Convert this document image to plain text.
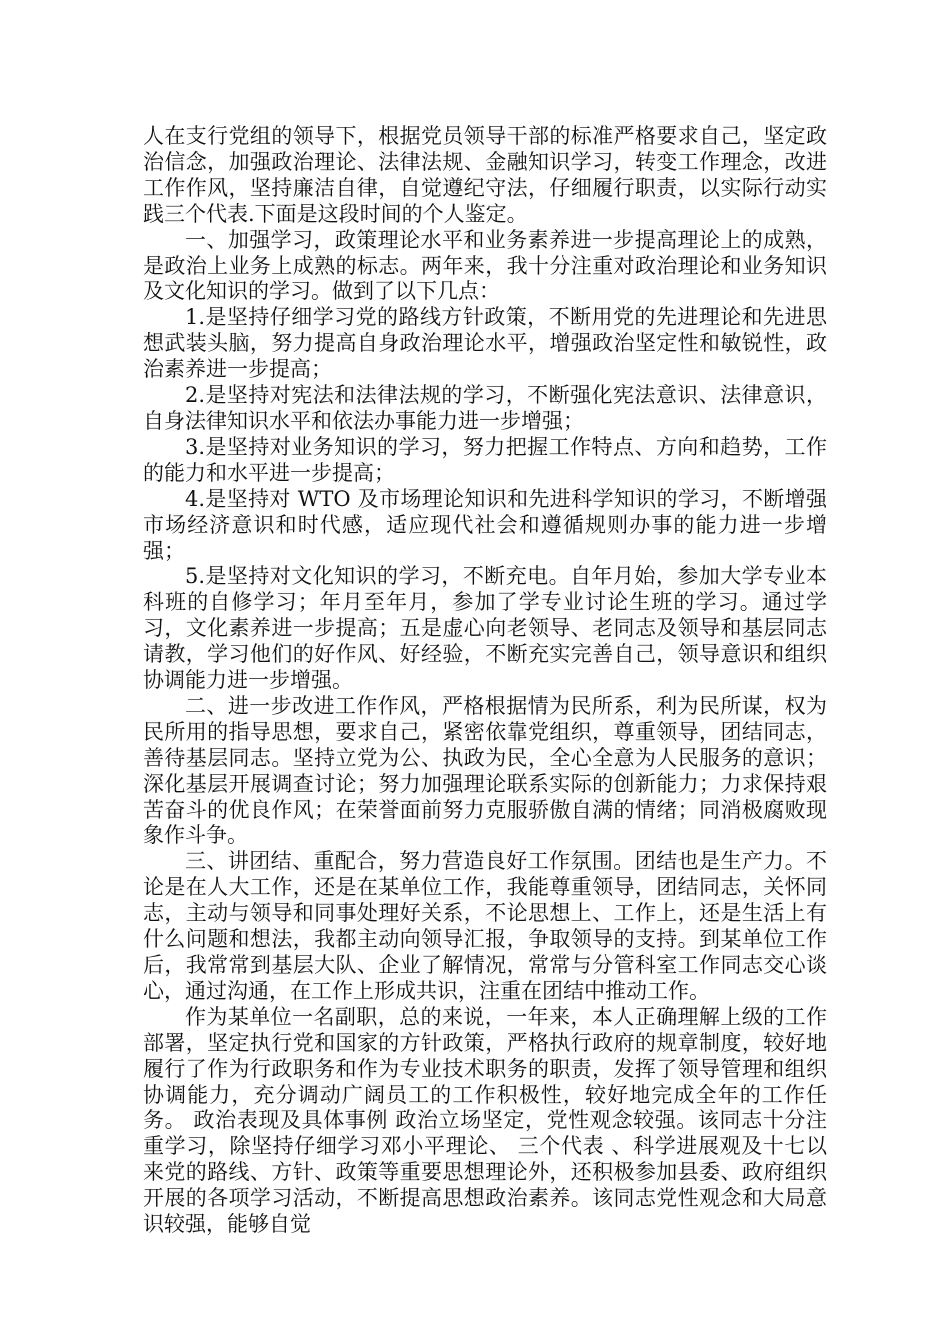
人在支行党组的领导下，根据党员领导干部的标准严格要求自己，坚定政治信念，加强政治理论、法律法规、金融知识学习，转变工作理念，改进工作作风，坚持廉洁自律，自觉遵纪守法，仔细履行职责，以实际行动实践三个代表.下面是这段时间的个人鉴定。

一、加强学习，政策理论水平和业务素养进一步提高理论上的成熟，是政治上业务上成熟的标志。两年来，我十分注重对政治理论和业务知识及文化知识的学习。做到了以下几点：

1.是坚持仔细学习党的路线方针政策，不断用党的先进理论和先进思想武装头脑，努力提高自身政治理论水平，增强政治坚定性和敏锐性，政治素养进一步提高；

2.是坚持对宪法和法律法规的学习，不断强化宪法意识、法律意识，自身法律知识水平和依法办事能力进一步增强；

3.是坚持对业务知识的学习，努力把握工作特点、方向和趋势，工作的能力和水平进一步提高；

4.是坚持对 WTO 及市场理论知识和先进科学知识的学习，不断增强市场经济意识和时代感，适应现代社会和遵循规则办事的能力进一步增强；

5.是坚持对文化知识的学习，不断充电。自年月始，参加大学专业本科班的自修学习；年月至年月，参加了学专业讨论生班的学习。通过学习，文化素养进一步提高；五是虚心向老领导、老同志及领导和基层同志请教，学习他们的好作风、好经验，不断充实完善自己，领导意识和组织协调能力进一步增强。

二、进一步改进工作作风，严格根据情为民所系，利为民所谋，权为民所用的指导思想，要求自己，紧密依靠党组织，尊重领导，团结同志，善待基层同志。坚持立党为公、执政为民，全心全意为人民服务的意识；深化基层开展调查讨论；努力加强理论联系实际的创新能力；力求保持艰苦奋斗的优良作风；在荣誉面前努力克服骄傲自满的情绪；同消极腐败现象作斗争。

三、讲团结、重配合，努力营造良好工作氛围。团结也是生产力。不论是在人大工作，还是在某单位工作，我能尊重领导，团结同志，关怀同志，主动与领导和同事处理好关系，不论思想上、工作上，还是生活上有什么问题和想法，我都主动向领导汇报，争取领导的支持。到某单位工作后，我常常到基层大队、企业了解情况，常常与分管科室工作同志交心谈心，通过沟通，在工作上形成共识，注重在团结中推动工作。

作为某单位一名副职，总的来说，一年来，本人正确理解上级的工作部署，坚定执行党和国家的方针政策，严格执行政府的规章制度，较好地履行了作为行政职务和作为专业技术职务的职责，发挥了领导管理和组织协调能力，充分调动广阔员工的工作积极性，较好地完成全年的工作任务。 政治表现及具体事例 政治立场坚定，党性观念较强。该同志十分注重学习，除坚持仔细学习邓小平理论、 三个代表 、科学进展观及十七以来党的路线、方针、政策等重要思想理论外，还积极参加县委、政府组织开展的各项学习活动，不断提高思想政治素养。该同志党性观念和大局意识较强，能够自觉
